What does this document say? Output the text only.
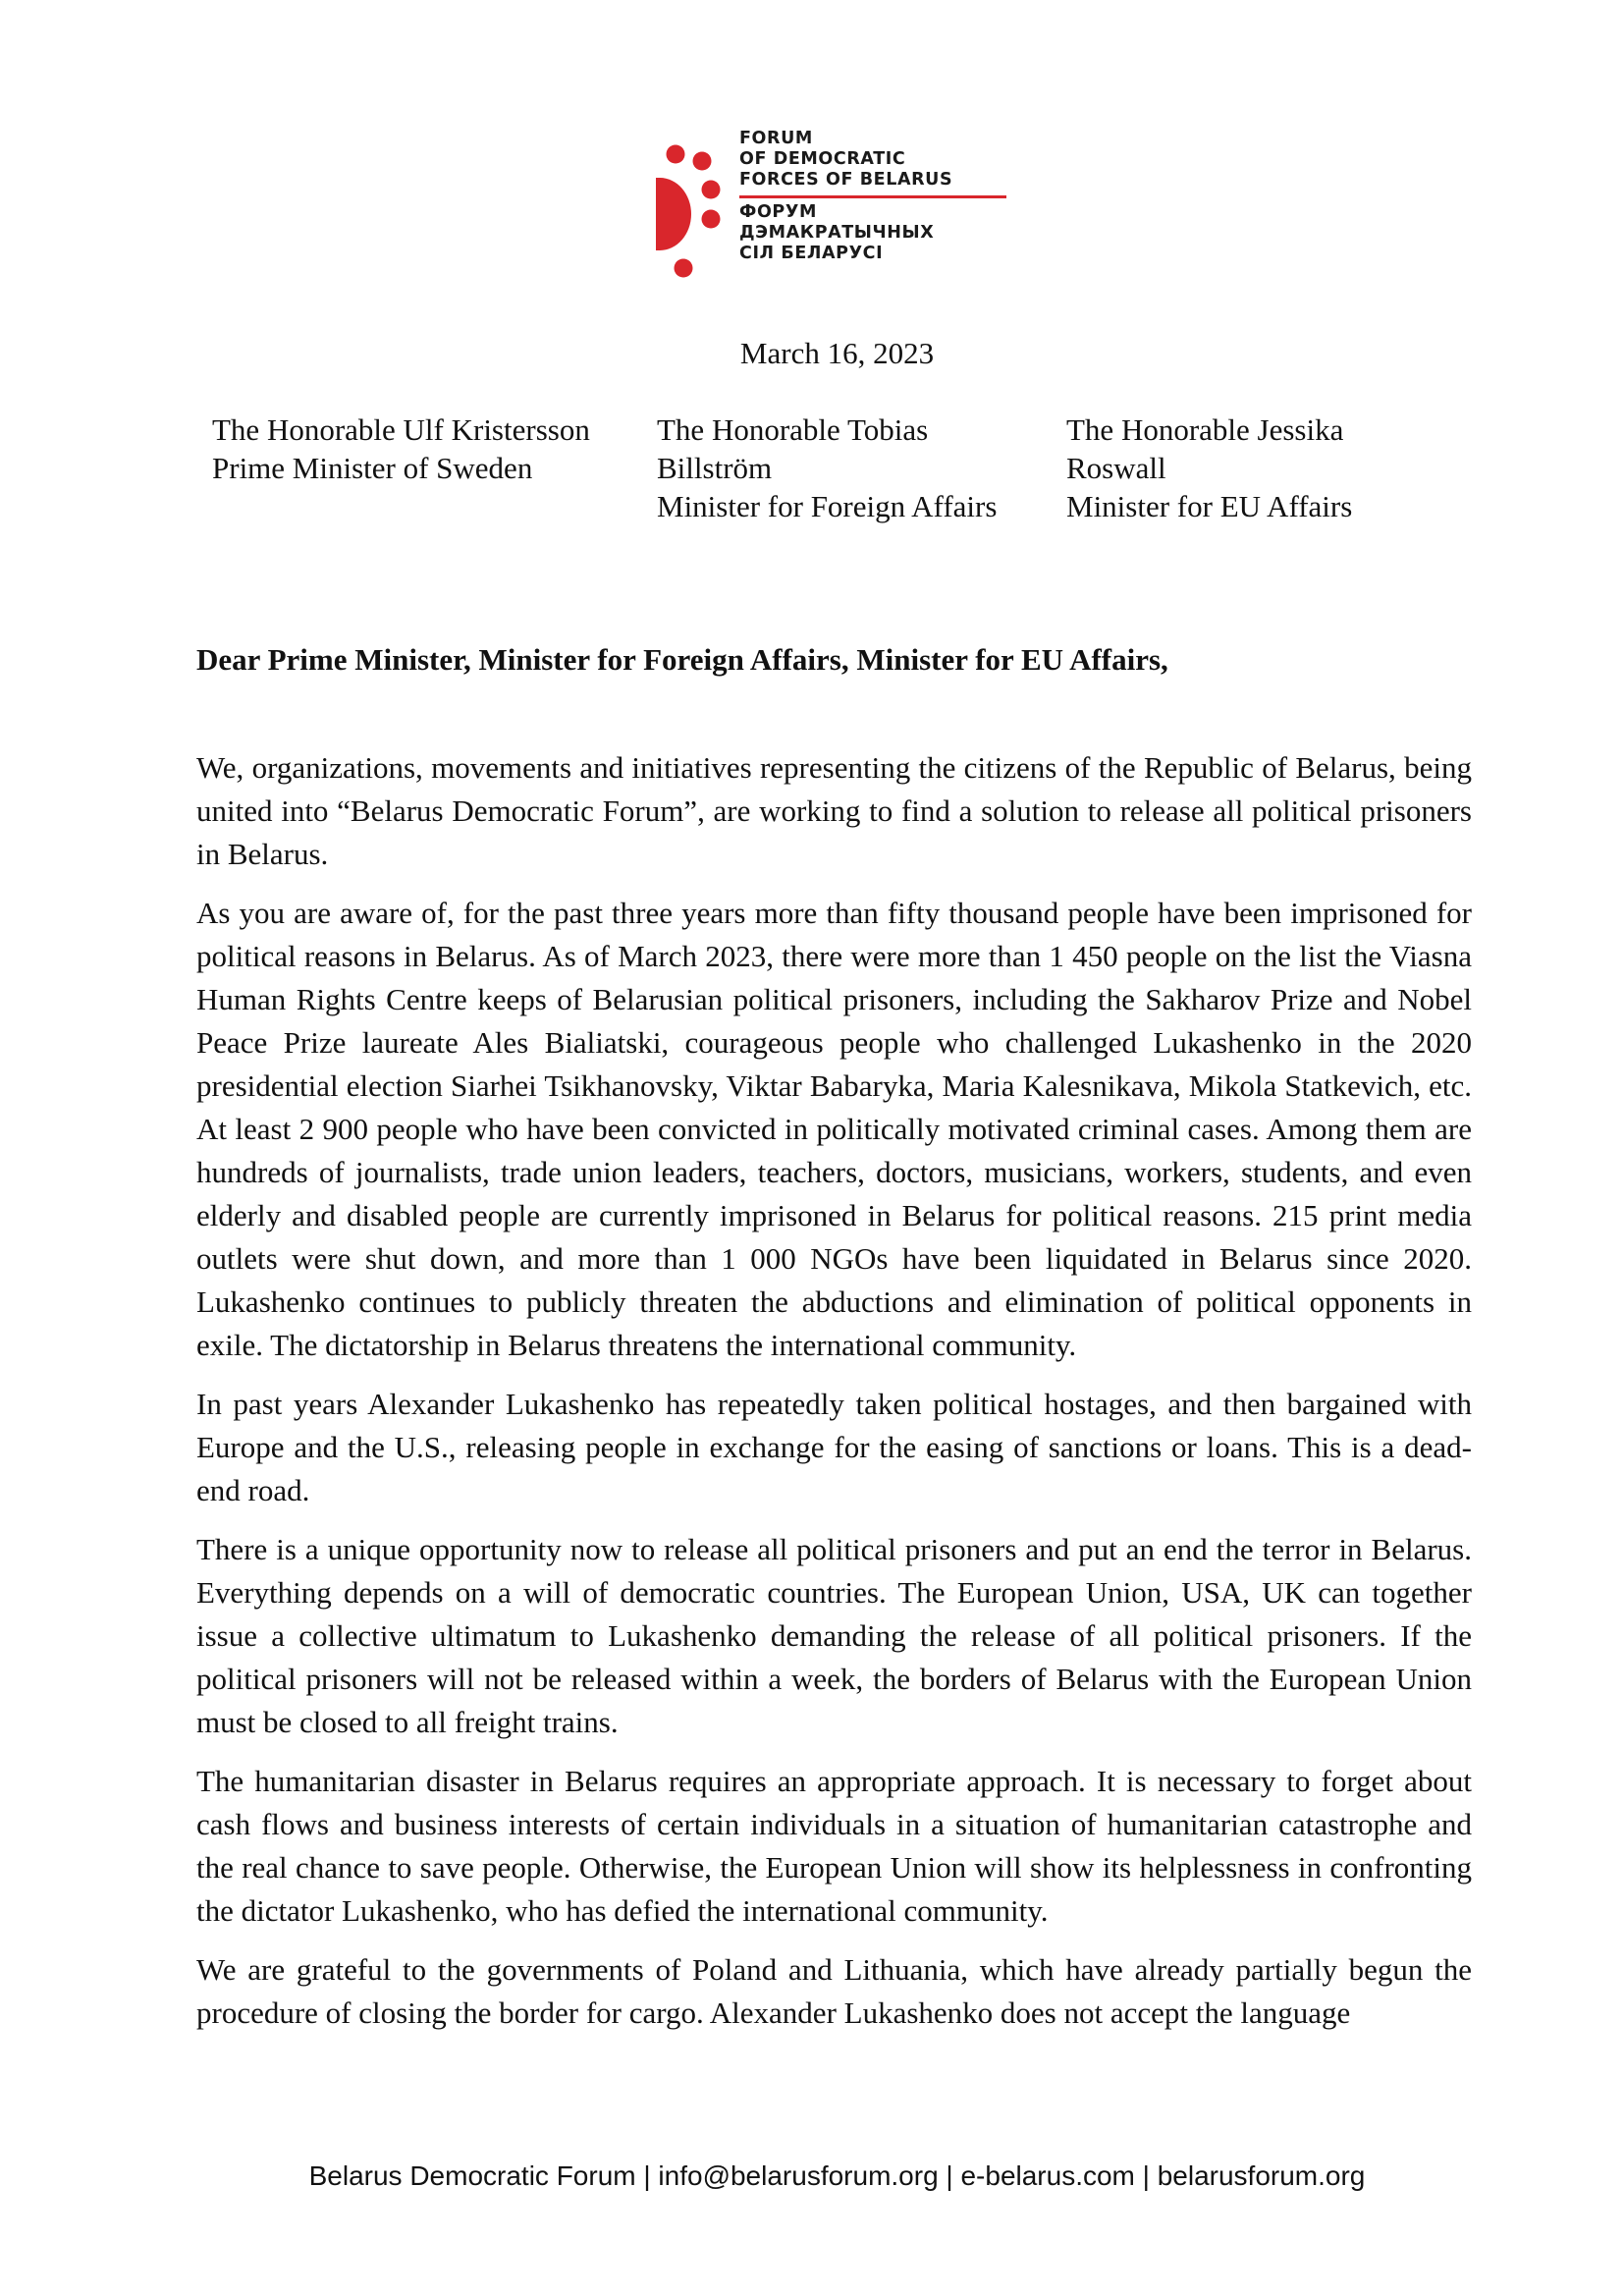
FORUM
OF DEMOCRATIC
FORCES OF BELARUS
ФОРУМ
ДЭМАКРАТЫЧНЫХ
СІЛ БЕЛАРУСІ
March 16, 2023
The Honorable Ulf Kristersson
Prime Minister of Sweden
The Honorable Tobias
Billström
Minister for Foreign Affairs
The Honorable Jessika
Roswall
Minister for EU Affairs
Dear Prime Minister, Minister for Foreign Affairs, Minister for EU Affairs,

We, organizations, movements and initiatives representing the citizens of the Republic of Belarus, being united into “Belarus Democratic Forum”, are working to find a solution to release all political prisoners in Belarus.

As you are aware of, for the past three years more than fifty thousand people have been imprisoned for political reasons in Belarus. As of March 2023, there were more than 1 450 people on the list the Viasna Human Rights Centre keeps of Belarusian political prisoners, including the Sakharov Prize and Nobel Peace Prize laureate Ales Bialiatski, courageous people who challenged Lukashenko in the 2020 presidential election Siarhei Tsikhanovsky, Viktar Babaryka, Maria Kalesnikava, Mikola Statkevich, etc. At least 2 900 people who have been convicted in politically motivated criminal cases. Among them are hundreds of journalists, trade union leaders, teachers, doctors, musicians, workers, students, and even elderly and disabled people are currently imprisoned in Belarus for political reasons. 215 print media outlets were shut down, and more than 1 000 NGOs have been liquidated in Belarus since 2020. Lukashenko continues to publicly threaten the abductions and elimination of political opponents in exile. The dictatorship in Belarus threatens the international community.

In past years Alexander Lukashenko has repeatedly taken political hostages, and then bargained with Europe and the U.S., releasing people in exchange for the easing of sanctions or loans. This is a dead-end road.

There is a unique opportunity now to release all political prisoners and put an end the terror in Belarus. Everything depends on a will of democratic countries. The European Union, USA, UK can together issue a collective ultimatum to Lukashenko demanding the release of all political prisoners. If the political prisoners will not be released within a week, the borders of Belarus with the European Union must be closed to all freight trains.

The humanitarian disaster in Belarus requires an appropriate approach. It is necessary to forget about cash flows and business interests of certain individuals in a situation of humanitarian catastrophe and the real chance to save people. Otherwise, the European Union will show its helplessness in confronting the dictator Lukashenko, who has defied the international community.

We are grateful to the governments of Poland and Lithuania, which have already partially begun the procedure of closing the border for cargo. Alexander Lukashenko does not accept the language

Belarus Democratic Forum | info@belarusforum.org | e-belarus.com | belarusforum.org
